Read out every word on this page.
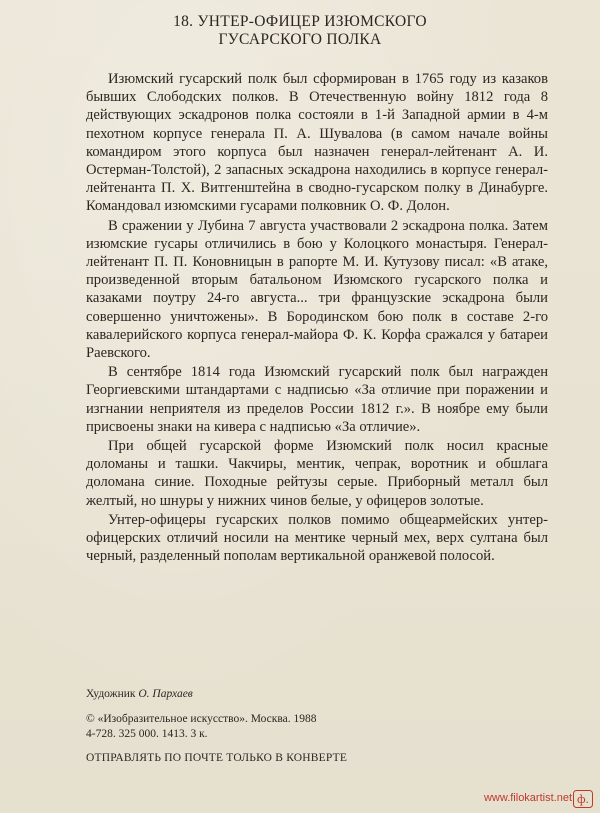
18. УНТЕР-ОФИЦЕР ИЗЮМСКОГО
ГУСАРСКОГО ПОЛКА

Изюмский гусарский полк был сформирован в 1765 году из казаков бывших Слободских полков. В Отечественную войну 1812 года 8 действующих эскадронов полка состояли в 1-й Западной армии в 4-м пехотном корпусе генерала П. А. Шувалова (в самом начале войны командиром этого корпуса был назначен генерал-лейтенант А. И. Остерман-Толстой), 2 запасных эскадрона находились в корпусе генерал-лейтенанта П. Х. Витгенштейна в сводно-гусарском полку в Динабурге. Командовал изюмскими гусарами полковник О. Ф. Долон.

В сражении у Лубина 7 августа участвовали 2 эскадрона полка. Затем изюмские гусары отличились в бою у Колоцкого монастыря. Генерал-лейтенант П. П. Коновницын в рапорте М. И. Кутузову писал: «В атаке, произведенной вторым батальоном Изюмского гусарского полка и казаками поутру 24-го августа... три французские эскадрона были совершенно уничтожены». В Бородинском бою полк в составе 2-го кавалерийского корпуса генерал-майора Ф. К. Корфа сражался у батареи Раевского.

В сентябре 1814 года Изюмский гусарский полк был награжден Георгиевскими штандартами с надписью «За отличие при поражении и изгнании неприятеля из пределов России 1812 г.». В ноябре ему были присвоены знаки на кивера с надписью «За отличие».

При общей гусарской форме Изюмский полк носил красные доломаны и ташки. Чакчиры, ментик, чепрак, воротник и обшлага доломана синие. Походные рейтузы серые. Приборный металл был желтый, но шнуры у нижних чинов белые, у офицеров золотые.

Унтер-офицеры гусарских полков помимо общеармейских унтер-офицерских отличий носили на ментике черный мех, верх султана был черный, разделенный пополам вертикальной оранжевой полосой.

Художник О. Пархаев
© «Изобразительное искусство». Москва. 1988
4-728. 325 000. 1413. 3 к.
ОТПРАВЛЯТЬ ПО ПОЧТЕ ТОЛЬКО В КОНВЕРТЕ
www.filokartist.net ф.
